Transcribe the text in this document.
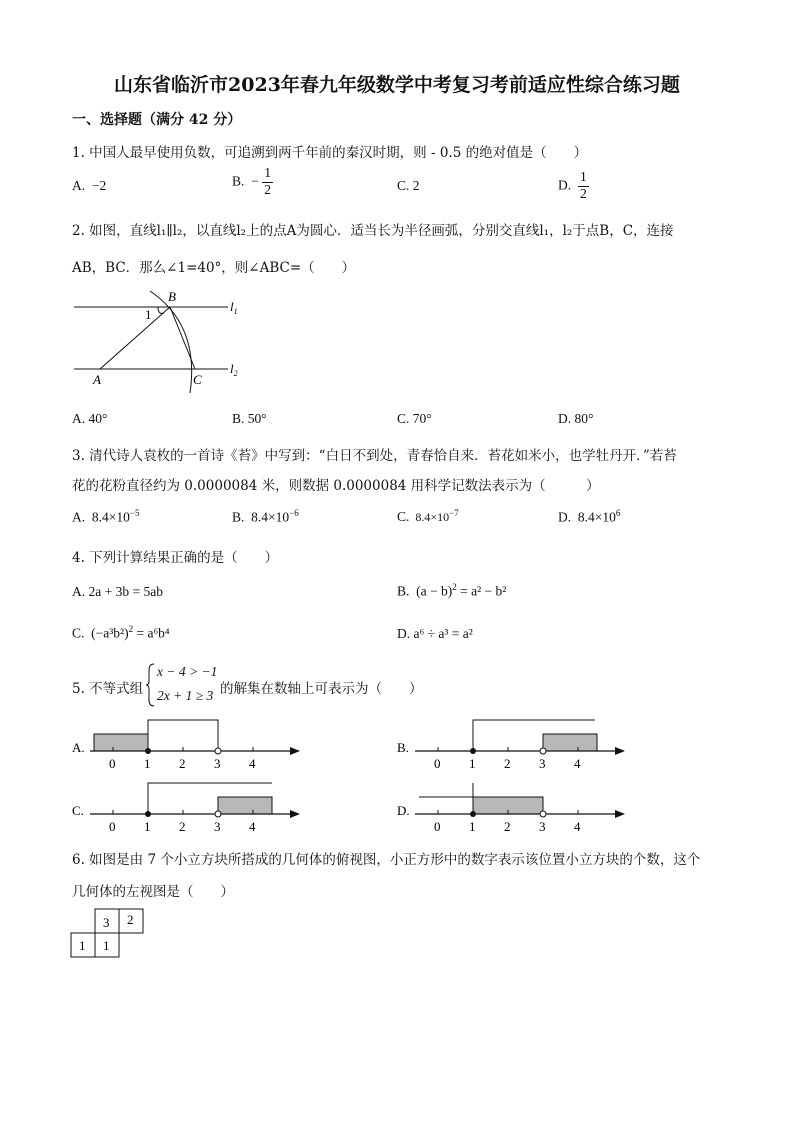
山东省临沂市2023年春九年级数学中考复习考前适应性综合练习题
一、选择题（满分 42 分）
1. 中国人最早使用负数，可追溯到两千年前的秦汉时期，则 - 0.5 的绝对值是（　　）
A. −2	B. − $\frac{1}{2}$	C. 2	D. $\frac{1}{2}$
2. 如图，直线l₁∥l₂，以直线l₂上的点A为圆心．适当长为半径画弧，分别交直线l₁，l₂于点B，C，连接
AB，BC．那么∠1=40°，则∠ABC=（　　）
B
1
$l_1$
A	C
$l_2$
A. 40°	B. 50°	C. 70°	D. 80°
3. 清代诗人袁枚的一首诗《苔》中写到：“白日不到处，青春恰自来．苔花如米小，也学牡丹开．”若苔
花的花粉直径约为 0.0000084 米，则数据 0.0000084 用科学记数法表示为（　　　）
A. $8.4\times 10^{-5}$	B. $8.4\times 10^{-6}$	C. $8.4\times 10^{-7}$	D. $8.4\times 10^6$
4. 下列计算结果正确的是（　　）
A. 2a + 3b = 5ab	B. $(a - b)^2 = a^2 - b^2$
C. $(-a^3b^2)^2 = a^6b^4$	D. a⁶ ÷ a³ = a²
5. 不等式组
x − 4 > −1
2x + 1 ≥ 3 的解集在数轴上可表示为（　　）
A.
0 1 2 3 4
B.
0 1 2 3 4
C.
0 1 2 3 4
D.
0 1 2 3 4
6. 如图是由 7 个小立方块所搭成的几何体的俯视图，小正方形中的数字表示该位置小立方块的个数，这个
几何体的左视图是（　　）
3 2
1 1
